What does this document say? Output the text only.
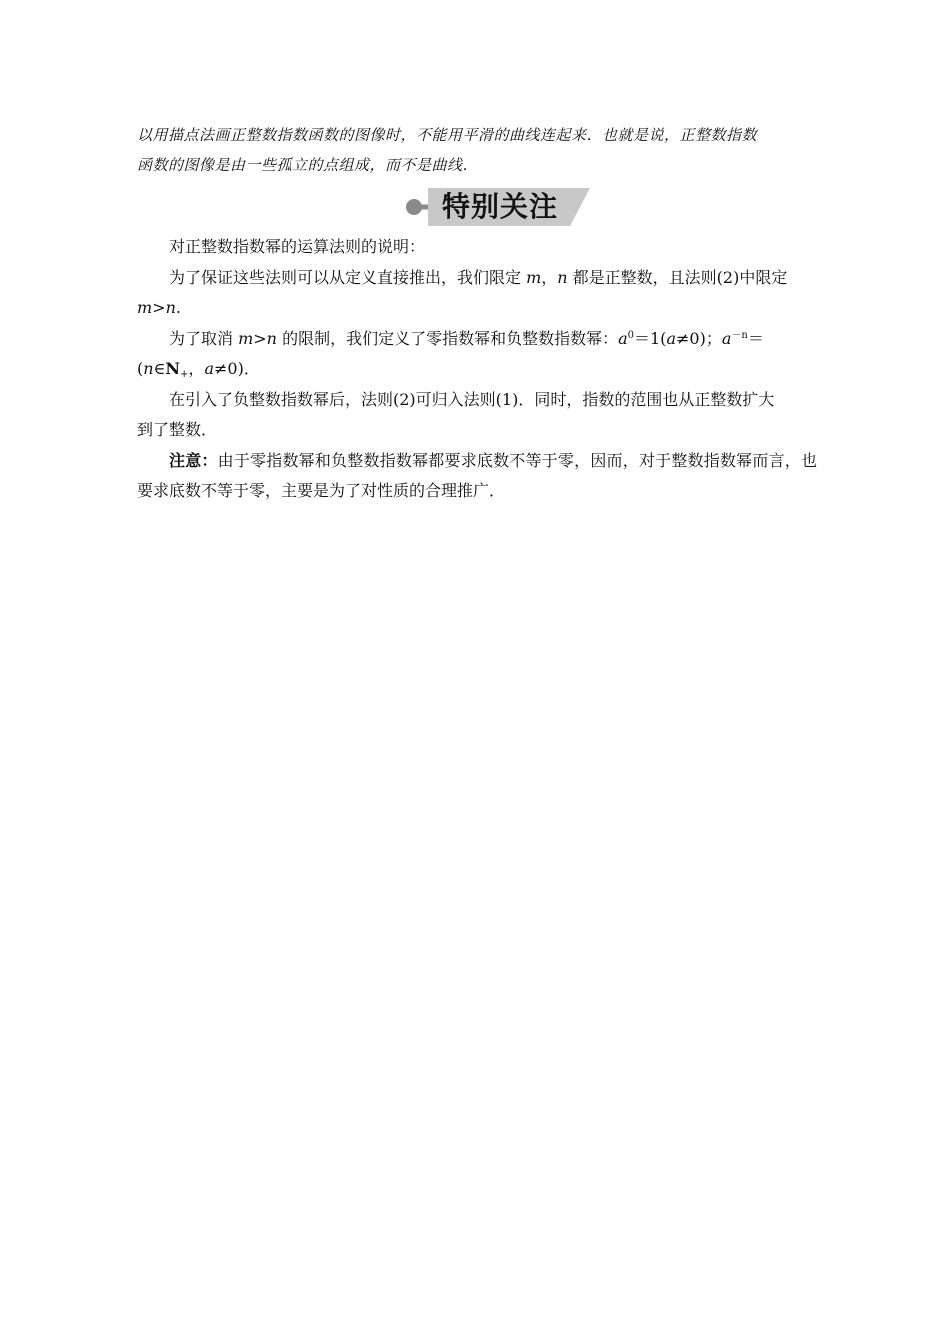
以用描点法画正整数指数函数的图像时，不能用平滑的曲线连起来．也就是说，正整数指数

函数的图像是由一些孤立的点组成，而不是曲线．

特别关注

对正整数指数幂的运算法则的说明：

为了保证这些法则可以从定义直接推出，我们限定 m，n 都是正整数，且法则(2)中限定

m>n.

为了取消 m>n 的限制，我们定义了零指数幂和负整数指数幂：$a^0=1(a\ne 0)$；$a^{-n}=$

($n\in N_+$，a≠0)．

在引入了负整数指数幂后，法则(2)可归入法则(1)．同时，指数的范围也从正整数扩大

到了整数．

注意：由于零指数幂和负整数指数幂都要求底数不等于零，因而，对于整数指数幂而言，也要求底数不等于零，主要是为了对性质的合理推广．
